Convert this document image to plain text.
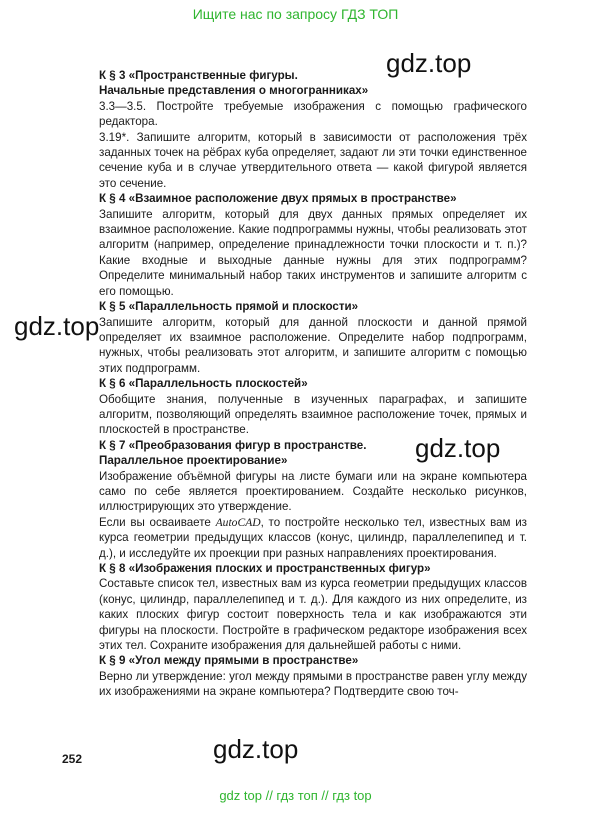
Ищите нас по запросу ГДЗ ТОП
gdz.top
gdz.top
gdz.top
gdz.top
К § 3 «Пространственные фигуры.
Начальные представления о многогранниках»

3.3—3.5. Постройте требуемые изображения с помощью графического редактора.

3.19*. Запишите алгоритм, который в зависимости от расположения трёх заданных точек на рёбрах куба определяет, задают ли эти точки единственное сечение куба и в случае утвердительного ответа — какой фигурой является это сечение.

К § 4 «Взаимное расположение двух прямых в пространстве»

Запишите алгоритм, который для двух данных прямых определяет их взаимное расположение. Какие подпрограммы нужны, чтобы реализовать этот алгоритм (например, определение принадлежности точки плоскости и т. п.)? Какие входные и выходные данные нужны для этих подпрограмм? Определите минимальный набор таких инструментов и запишите алгоритм с его помощью.

К § 5 «Параллельность прямой и плоскости»

Запишите алгоритм, который для данной плоскости и данной прямой определяет их взаимное расположение. Определите набор подпрограмм, нужных, чтобы реализовать этот алгоритм, и запишите алгоритм с помощью этих подпрограмм.

К § 6 «Параллельность плоскостей»

Обобщите знания, полученные в изученных параграфах, и запишите алгоритм, позволяющий определять взаимное расположение точек, прямых и плоскостей в пространстве.

К § 7 «Преобразования фигур в пространстве.
Параллельное проектирование»

Изображение объёмной фигуры на листе бумаги или на экране компьютера само по себе является проектированием. Создайте несколько рисунков, иллюстрирующих это утверждение.

Если вы осваиваете AutoCAD, то постройте несколько тел, известных вам из курса геометрии предыдущих классов (конус, цилиндр, параллелепипед и т. д.), и исследуйте их проекции при разных направлениях проектирования.

К § 8 «Изображения плоских и пространственных фигур»

Составьте список тел, известных вам из курса геометрии предыдущих классов (конус, цилиндр, параллелепипед и т. д.). Для каждого из них определите, из каких плоских фигур состоит поверхность тела и как изображаются эти фигуры на плоскости. Постройте в графическом редакторе изображения всех этих тел. Сохраните изображения для дальнейшей работы с ними.

К § 9 «Угол между прямыми в пространстве»

Верно ли утверждение: угол между прямыми в пространстве равен углу между их изображениями на экране компьютера? Подтвердите свою точ-

252
gdz top // гдз топ // гдз top
